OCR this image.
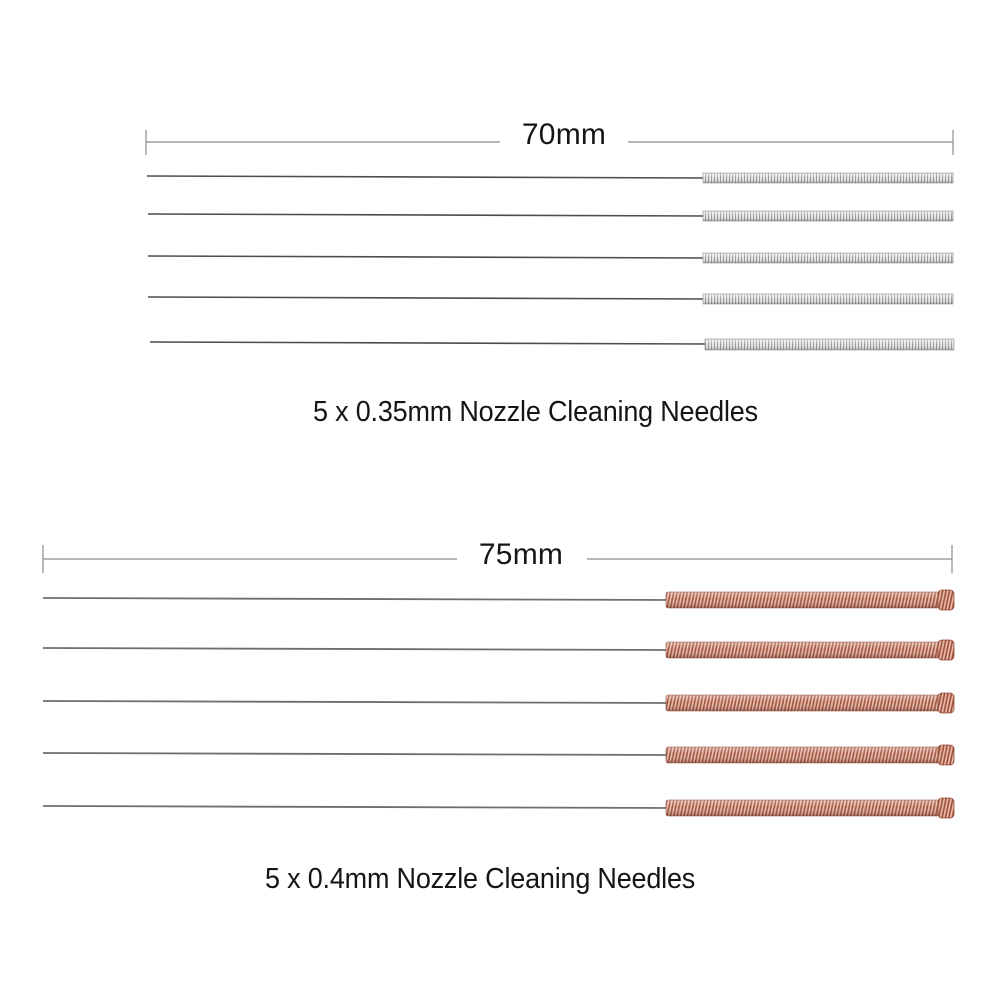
70mm

5 x 0.35mm Nozzle Cleaning Needles

75mm

5 x 0.4mm Nozzle Cleaning Needles
